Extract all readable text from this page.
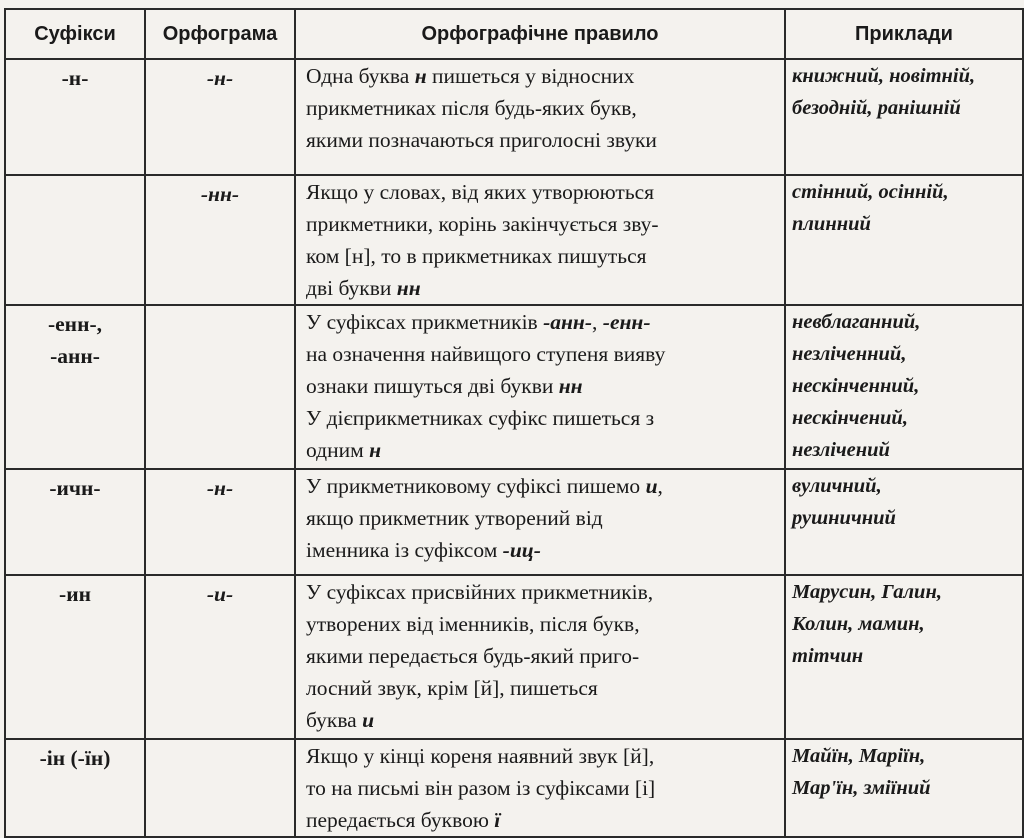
Суфікси	Орфограма	Орфографічне правило	Приклади

-н-	-н-	Одна буква н пишеться у відносних
прикметниках після будь-яких букв,
якими позначаються приголосні звуки	книжний, новітній,
безодній, ранішній

	-нн-	Якщо у словах, від яких утворюються
прикметники, корінь закінчується зву-
ком [н], то в прикметниках пишуться
дві букви нн	стінний, осінній,
плинний

-енн-,
-анн-		У суфіксах прикметників -анн-, -енн-
на означення найвищого ступеня вияву
ознаки пишуться дві букви нн
У дієприкметниках суфікс пишеться з
одним н	невблаганний,
незліченний,
нескінченний,
нескінчений,
незлічений

-ичн-	-н-	У прикметниковому суфіксі пишемо и,
якщо прикметник утворений від
іменника із суфіксом -иц-	вуличний,
рушничний

-ин	-и-	У суфіксах присвійних прикметників,
утворених від іменників, після букв,
якими передається будь-який приго-
лосний звук, крім [й], пишеться
буква и	Марусин, Галин,
Колин, мамин,
тітчин

-ін (-їн)		Якщо у кінці кореня наявний звук [й],
то на письмі він разом із суфіксами [і]
передається буквою ї	Майїн, Маріїн,
Мар'їн, зміїний
